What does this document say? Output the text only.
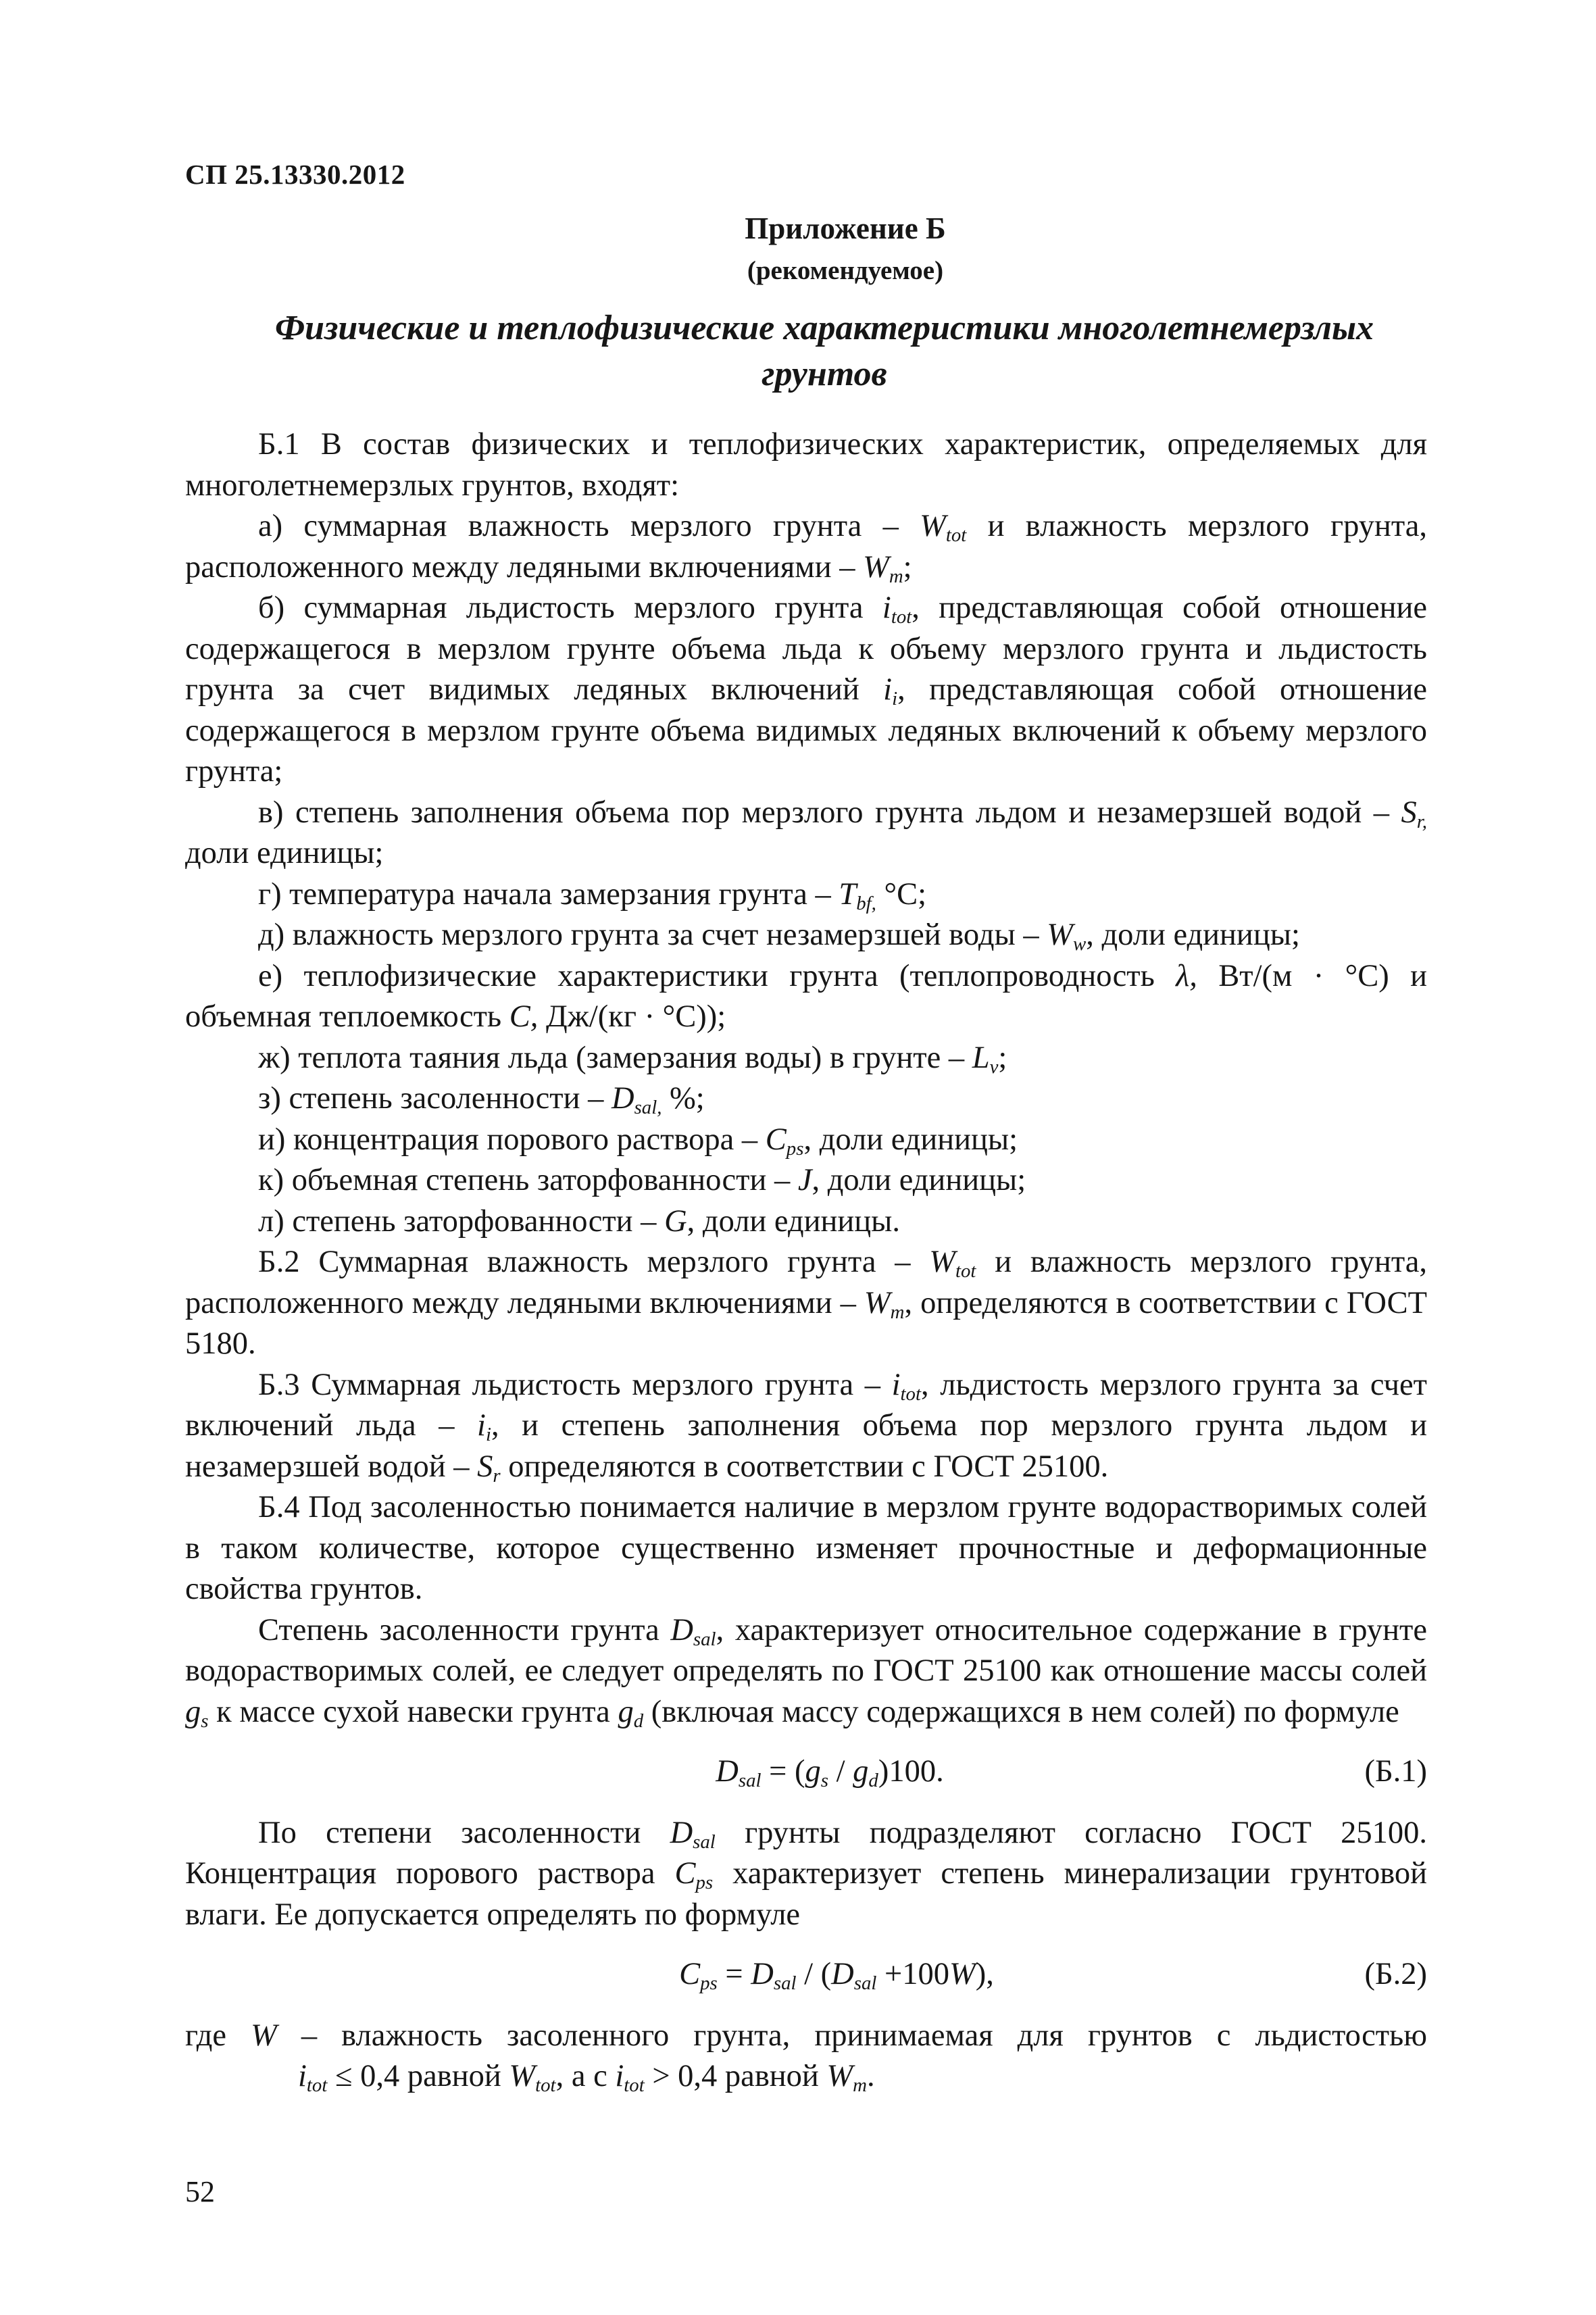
СП 25.13330.2012
Приложение Б
(рекомендуемое)
Физические и теплофизические характеристики многолетнемерзлых
грунтов

Б.1 В состав физических и теплофизических характеристик, определяемых для многолетнемерзлых грунтов, входят:

а) суммарная влажность мерзлого грунта – $W_{tot}$ и влажность мерзлого грунта, расположенного между ледяными включениями – $W_m$;

б) суммарная льдистость мерзлого грунта $i_{tot}$, представляющая собой отношение содержащегося в мерзлом грунте объема льда к объему мерзлого грунта и льдистость грунта за счет видимых ледяных включений $i_i$, представляющая собой отношение содержащегося в мерзлом грунте объема видимых ледяных включений к объему мерзлого грунта;

в) степень заполнения объема пор мерзлого грунта льдом и незамерзшей водой – $S_{r,}$ доли единицы;

г) температура начала замерзания грунта – $T_{bf,}$ °С;

д) влажность мерзлого грунта за счет незамерзшей воды – $W_w$, доли единицы;

е) теплофизические характеристики грунта (теплопроводность λ, Вт/(м · °С) и объемная теплоемкость C, Дж/(кг · °С));

ж) теплота таяния льда (замерзания воды) в грунте – $L_v$;

з) степень засоленности – $D_{sal,}$ %;

и) концентрация порового раствора – $C_{ps}$, доли единицы;

к) объемная степень заторфованности – J, доли единицы;

л) степень заторфованности – G, доли единицы.

Б.2 Суммарная влажность мерзлого грунта – $W_{tot}$ и влажность мерзлого грунта, расположенного между ледяными включениями – $W_m$, определяются в соответствии с ГОСТ 5180.

Б.3 Суммарная льдистость мерзлого грунта – $i_{tot}$, льдистость мерзлого грунта за счет включений льда – $i_i$, и степень заполнения объема пор мерзлого грунта льдом и незамерзшей водой – $S_r$ определяются в соответствии с ГОСТ 25100.

Б.4 Под засоленностью понимается наличие в мерзлом грунте водорастворимых солей в таком количестве, которое существенно изменяет прочностные и деформационные свойства грунтов.

Степень засоленности грунта $D_{sal}$, характеризует относительное содержание в грунте водорастворимых солей, ее следует определять по ГОСТ 25100 как отношение массы солей $g_s$ к массе сухой навески грунта $g_d$ (включая массу содержащихся в нем солей) по формуле

$D_{sal} = (g_s / g_d)100$.	(Б.1)

По степени засоленности $D_{sal}$ грунты подразделяют согласно ГОСТ 25100. Концентрация порового раствора $C_{ps}$ характеризует степень минерализации грунтовой влаги. Ее допускается определять по формуле

$C_{ps} = D_{sal} / (D_{sal} +100W)$,	(Б.2)

где W – влажность засоленного грунта, принимаемая для грунтов с льдистостью

$i_{tot} \le 0,4$ равной $W_{tot}$, а с $i_{tot} > 0,4$ равной $W_m$.

52
